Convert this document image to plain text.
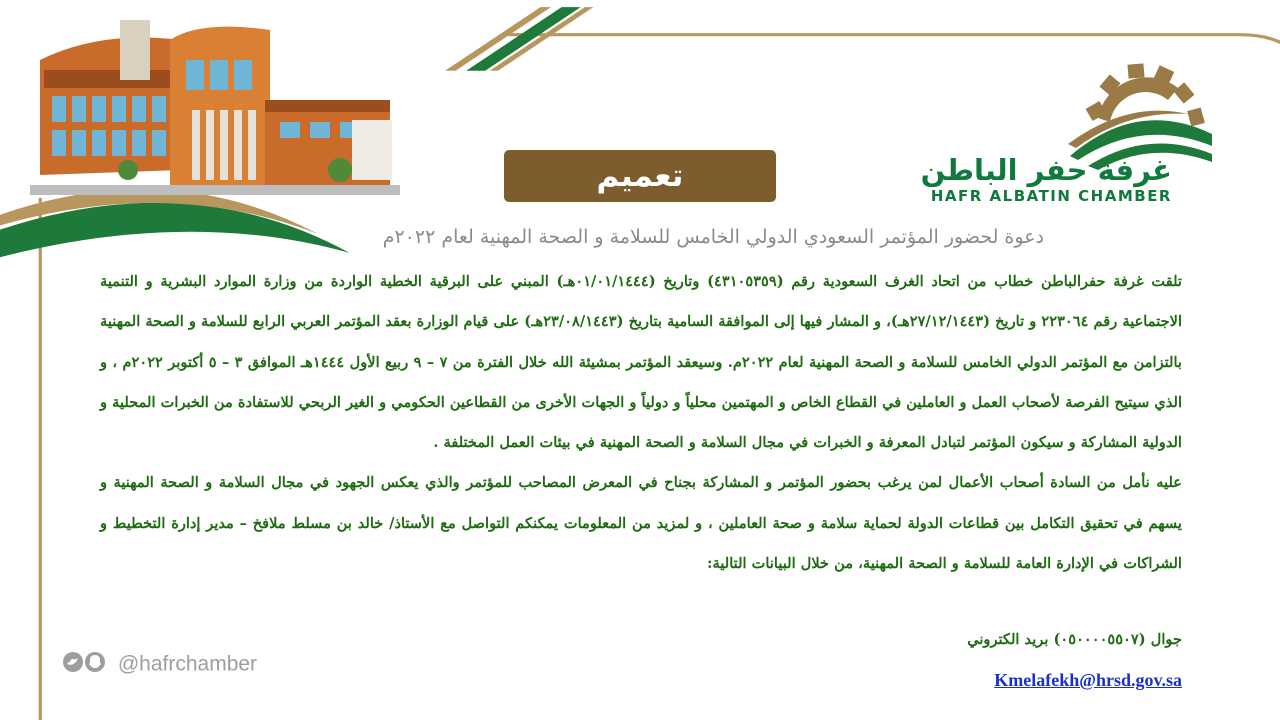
غرفة حفر الباطن
HAFR ALBATIN CHAMBER
تعميم
دعوة لحضور المؤتمر السعودي الدولي الخامس للسلامة و الصحة المهنية لعام ٢٠٢٢م

تلقت غرفة حفرالباطن خطاب من اتحاد الغرف السعودية رقم (٤٣١٠٥٣٥٩) وتاريخ (٠١/٠١/١٤٤٤هـ) المبني على البرقية الخطية الواردة من وزارة الموارد البشرية و التنمية الاجتماعية رقم ٢٢٣٠٦٤ و تاريخ (٢٧/١٢/١٤٤٣هـ)، و المشار فيها إلى الموافقة السامية بتاريخ (٢٣/٠٨/١٤٤٣هـ) على قيام الوزارة بعقد المؤتمر العربي الرابع للسلامة و الصحة المهنية بالتزامن مع المؤتمر الدولي الخامس للسلامة و الصحة المهنية لعام ٢٠٢٢م. وسيعقد المؤتمر بمشيئة الله خلال الفترة من ٧ – ٩ ربيع الأول ١٤٤٤هـ الموافق ٣ – ٥ أكتوبر ٢٠٢٢م ، و الذي سيتيح الفرصة لأصحاب العمل و العاملين في القطاع الخاص و المهتمين محلياً و دولياً و الجهات الأخرى من القطاعين الحكومي و الغير الربحي للاستفادة من الخبرات المحلية و الدولية المشاركة و سيكون المؤتمر لتبادل المعرفة و الخبرات في مجال السلامة و الصحة المهنية في بيئات العمل المختلفة .

عليه نأمل من السادة أصحاب الأعمال لمن يرغب بحضور المؤتمر و المشاركة بجناح في المعرض المصاحب للمؤتمر والذي يعكس الجهود في مجال السلامة و الصحة المهنية و يسهم في تحقيق التكامل بين قطاعات الدولة لحماية سلامة و صحة العاملين ، و لمزيد من المعلومات يمكنكم التواصل مع الأستاذ/ خالد بن مسلط ملافخ – مدير إدارة التخطيط و الشراكات في الإدارة العامة للسلامة و الصحة المهنية، من خلال البيانات التالية:

جوال (٠٥٠٠٠٠٥٥٠٧) بريد الكتروني
Kmelafekh@hrsd.gov.sa
@hafrchamber
